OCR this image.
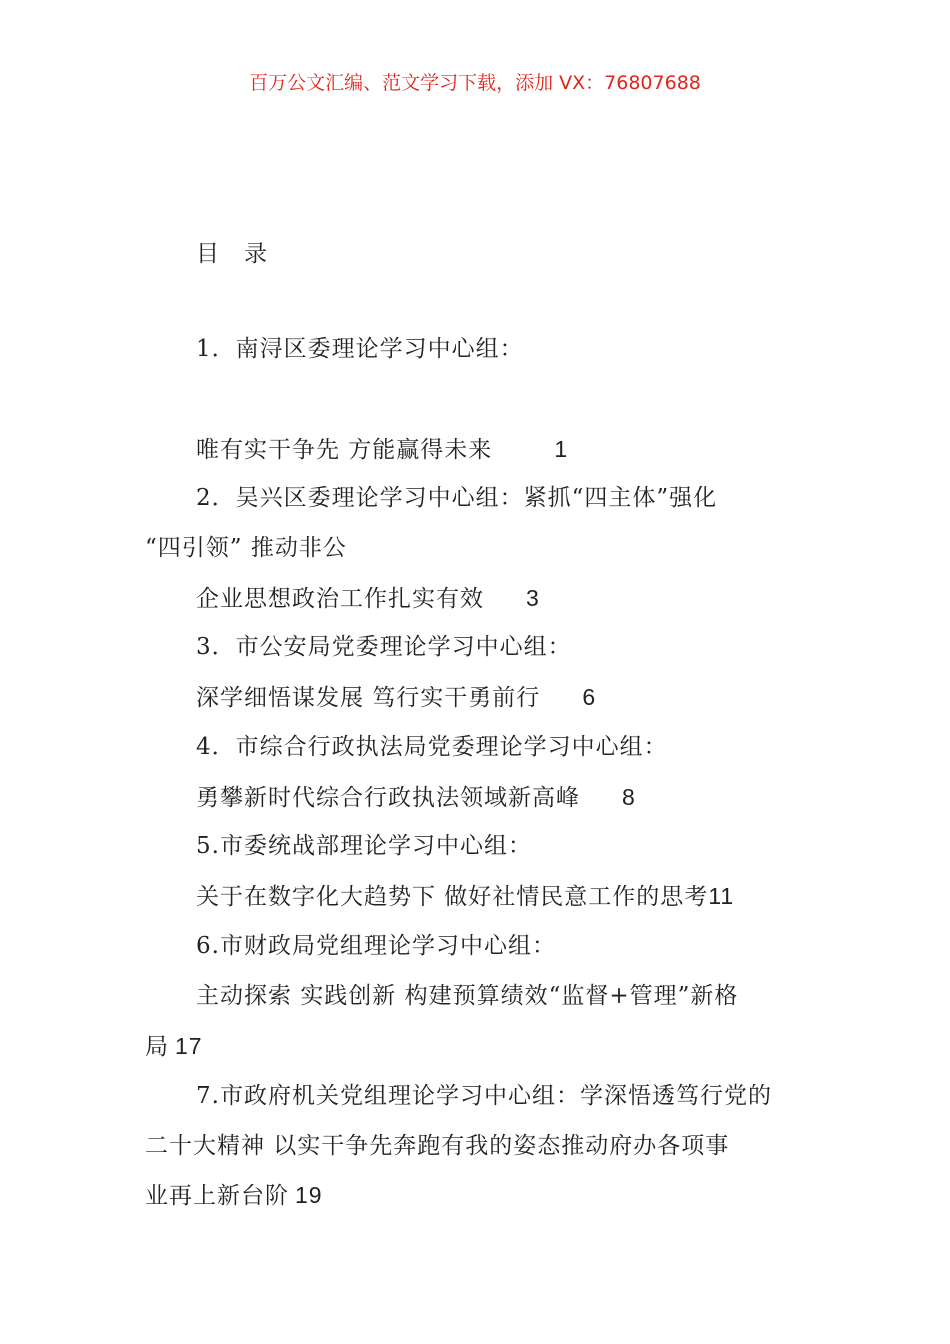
百万公文汇编、范文学习下载，添加 VX：76807688
目 录
1．南浔区委理论学习中心组：
唯有实干争先 方能赢得未来	1
2．吴兴区委理论学习中心组：紧抓“四主体”强化
“四引领” 推动非公
企业思想政治工作扎实有效 3
3．市公安局党委理论学习中心组：
深学细悟谋发展 笃行实干勇前行 6
4．市综合行政执法局党委理论学习中心组：
勇攀新时代综合行政执法领域新高峰 8
5.市委统战部理论学习中心组：
关于在数字化大趋势下 做好社情民意工作的思考11
6.市财政局党组理论学习中心组：
主动探索 实践创新 构建预算绩效“监督+管理”新格
局 17
7.市政府机关党组理论学习中心组：学深悟透笃行党的
二十大精神 以实干争先奔跑有我的姿态推动府办各项事
业再上新台阶 19
